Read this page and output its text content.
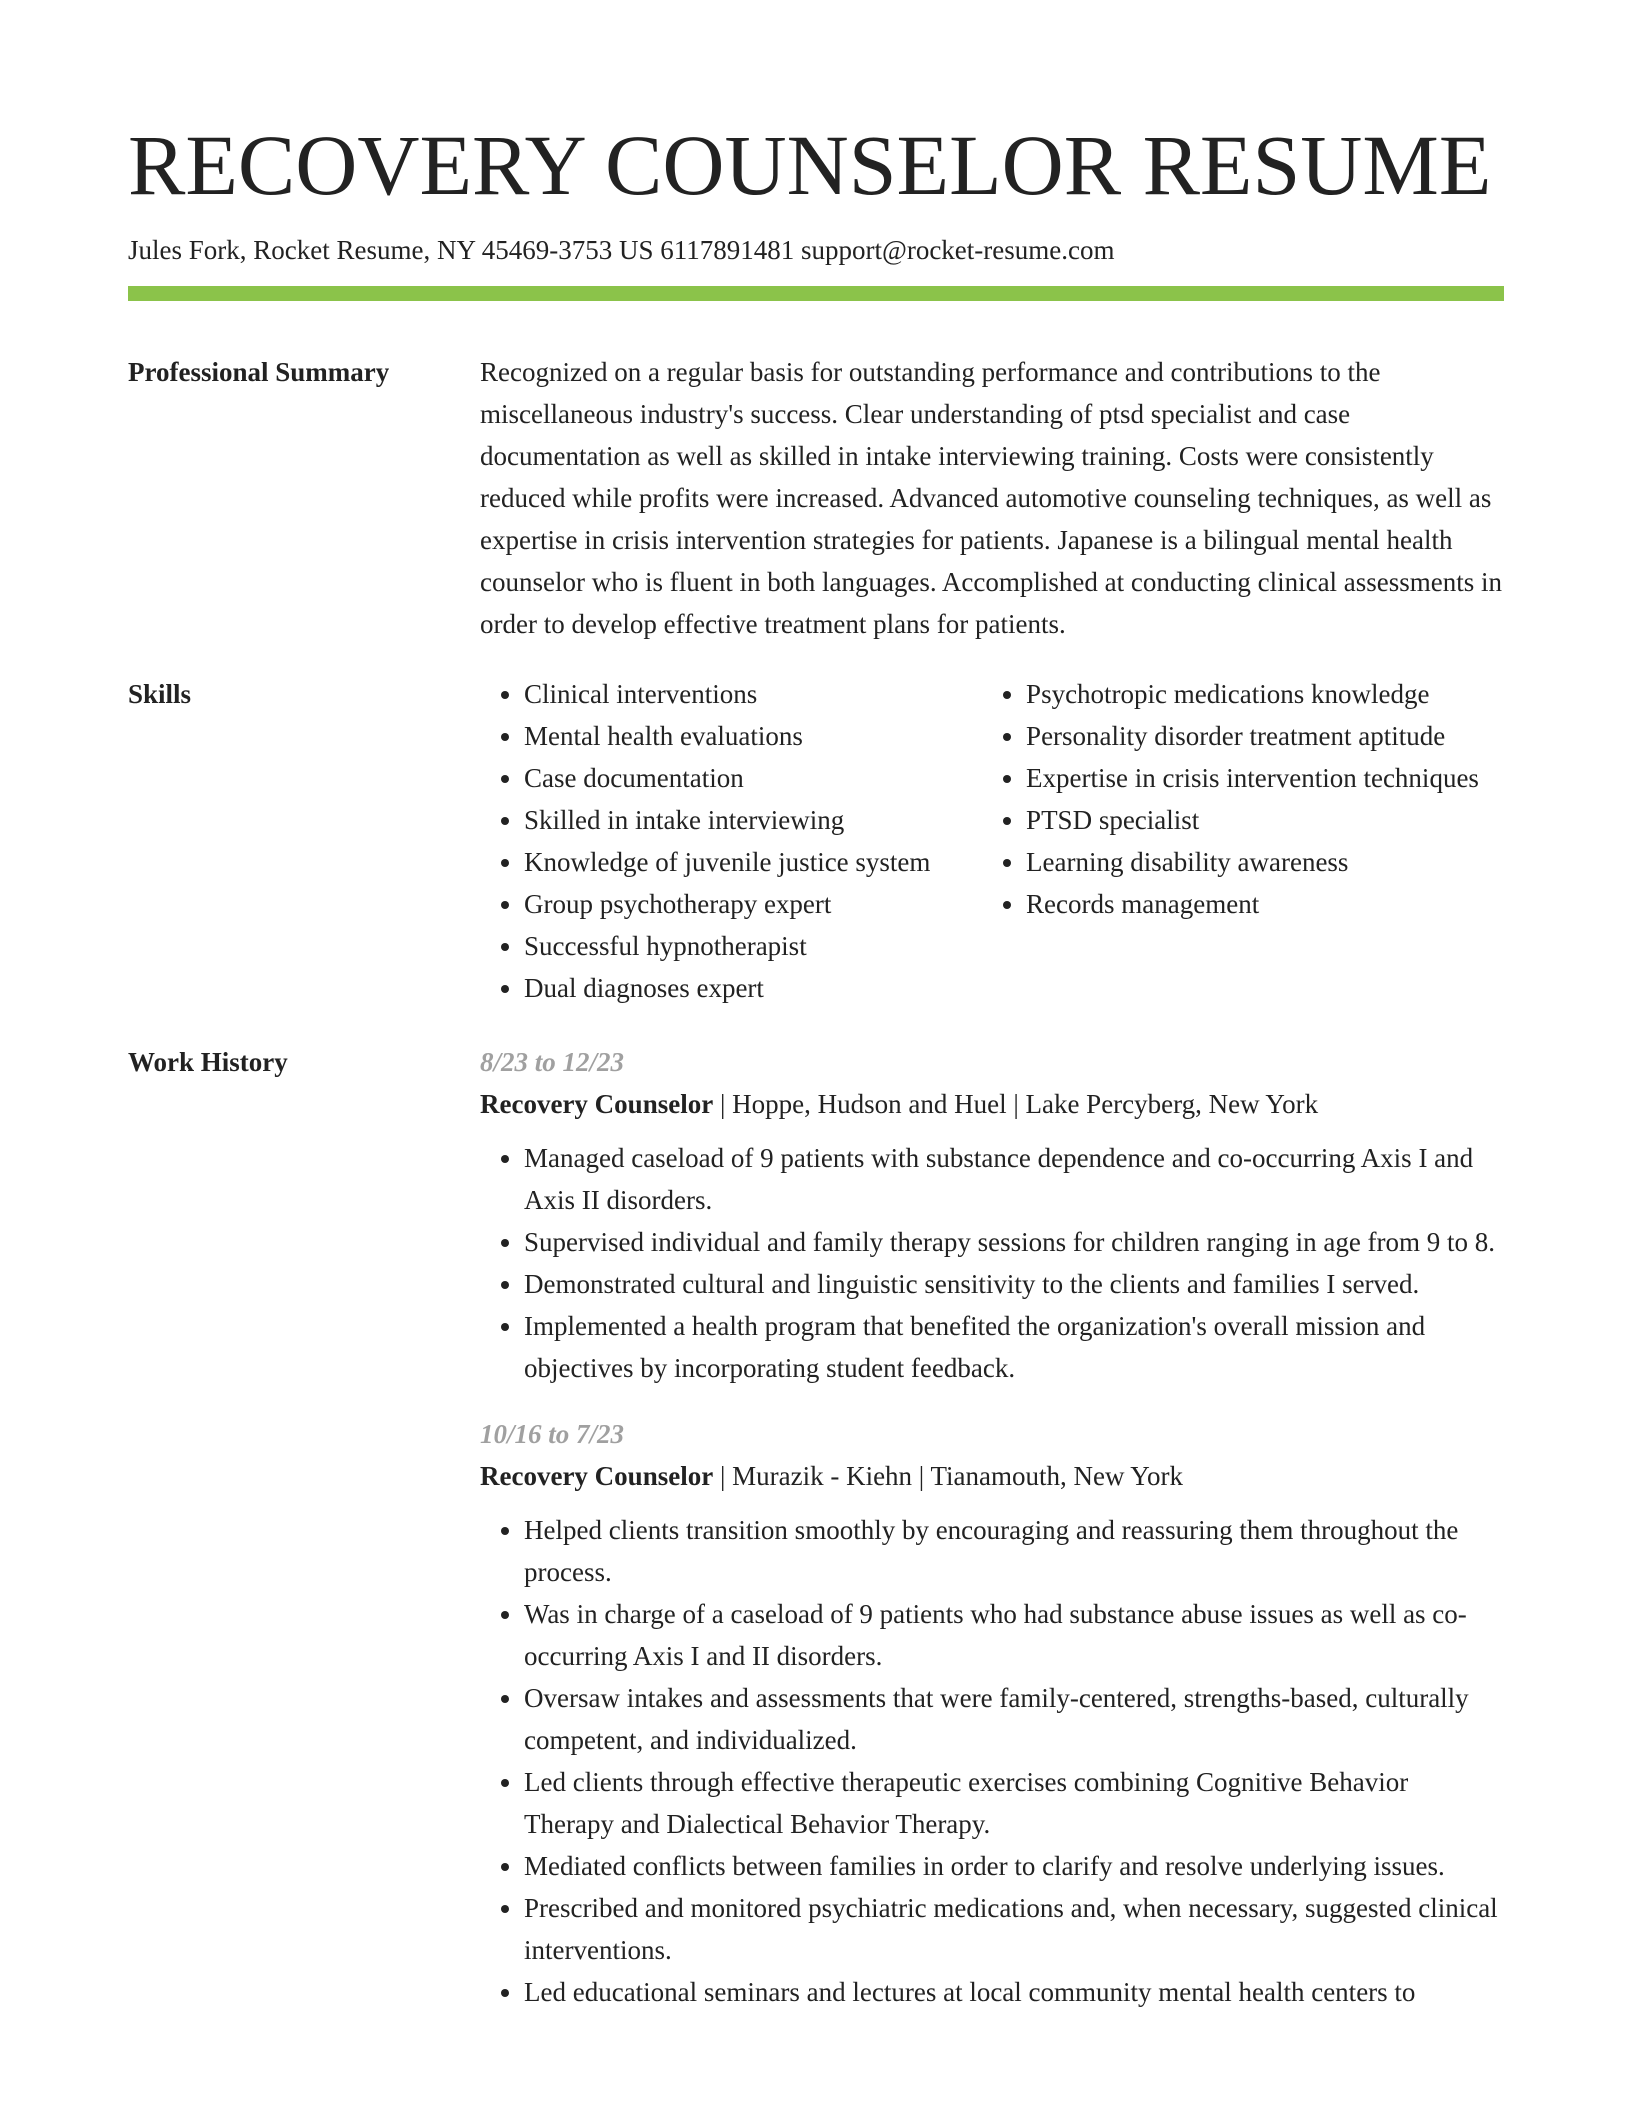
RECOVERY COUNSELOR RESUME
Jules Fork, Rocket Resume, NY 45469-3753 US 6117891481 support@rocket-resume.com
Professional Summary	Recognized on a regular basis for outstanding performance and contributions to the miscellaneous industry's success. Clear understanding of ptsd specialist and case documentation as well as skilled in intake interviewing training. Costs were consistently reduced while profits were increased. Advanced automotive counseling techniques, as well as expertise in crisis intervention strategies for patients. Japanese is a bilingual mental health counselor who is fluent in both languages. Accomplished at conducting clinical assessments in order to develop effective treatment plans for patients.

Skills
•	Clinical interventions
• Mental health evaluations
• Case documentation
• Skilled in intake interviewing
• Knowledge of juvenile justice system
• Group psychotherapy expert
• Successful hypnotherapist
• Dual diagnoses expert
• Psychotropic medications knowledge
• Personality disorder treatment aptitude
• Expertise in crisis intervention techniques
• PTSD specialist
• Learning disability awareness
• Records management
Work History	8/23 to 12/23
Recovery Counselor | Hoppe, Hudson and Huel | Lake Percyberg, New York
• Managed caseload of 9 patients with substance dependence and co-occurring Axis I and Axis II disorders.
• Supervised individual and family therapy sessions for children ranging in age from 9 to 8.
• Demonstrated cultural and linguistic sensitivity to the clients and families I served.
• Implemented a health program that benefited the organization's overall mission and objectives by incorporating student feedback.
10/16 to 7/23
Recovery Counselor | Murazik - Kiehn | Tianamouth, New York
• Helped clients transition smoothly by encouraging and reassuring them throughout the process.
• Was in charge of a caseload of 9 patients who had substance abuse issues as well as co-occurring Axis I and II disorders.
• Oversaw intakes and assessments that were family-centered, strengths-based, culturally competent, and individualized.
• Led clients through effective therapeutic exercises combining Cognitive Behavior Therapy and Dialectical Behavior Therapy.
• Mediated conflicts between families in order to clarify and resolve underlying issues.
• Prescribed and monitored psychiatric medications and, when necessary, suggested clinical interventions.
• Led educational seminars and lectures at local community mental health centers to
